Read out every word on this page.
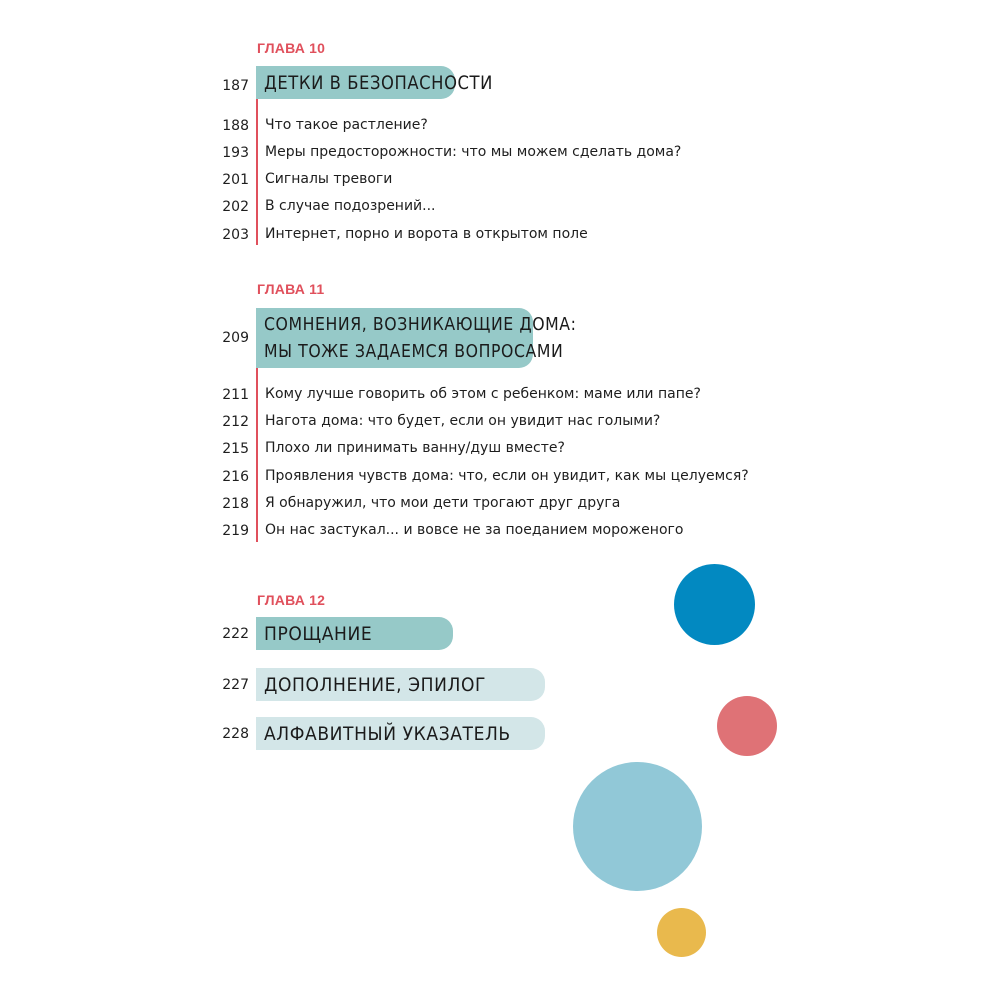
ГЛАВА 10
187 ДЕТКИ В БЕЗОПАСНОСТИ
188 Что такое растление?
193 Меры предосторожности: что мы можем сделать дома?
201 Сигналы тревоги
202 В случае подозрений...
203 Интернет, порно и ворота в открытом поле
ГЛАВА 11
209
СОМНЕНИЯ, ВОЗНИКАЮЩИЕ ДОМА:
МЫ ТОЖЕ ЗАДАЕМСЯ ВОПРОСАМИ
211 Кому лучше говорить об этом с ребенком: маме или папе?
212 Нагота дома: что будет, если он увидит нас голыми?
215 Плохо ли принимать ванну/душ вместе?
216 Проявления чувств дома: что, если он увидит, как мы целуемся?
218 Я обнаружил, что мои дети трогают друг друга
219 Он нас застукал... и вовсе не за поеданием мороженого
ГЛАВА 12
222 ПРОЩАНИЕ
227 ДОПОЛНЕНИЕ, ЭПИЛОГ
228 АЛФАВИТНЫЙ УКАЗАТЕЛЬ
